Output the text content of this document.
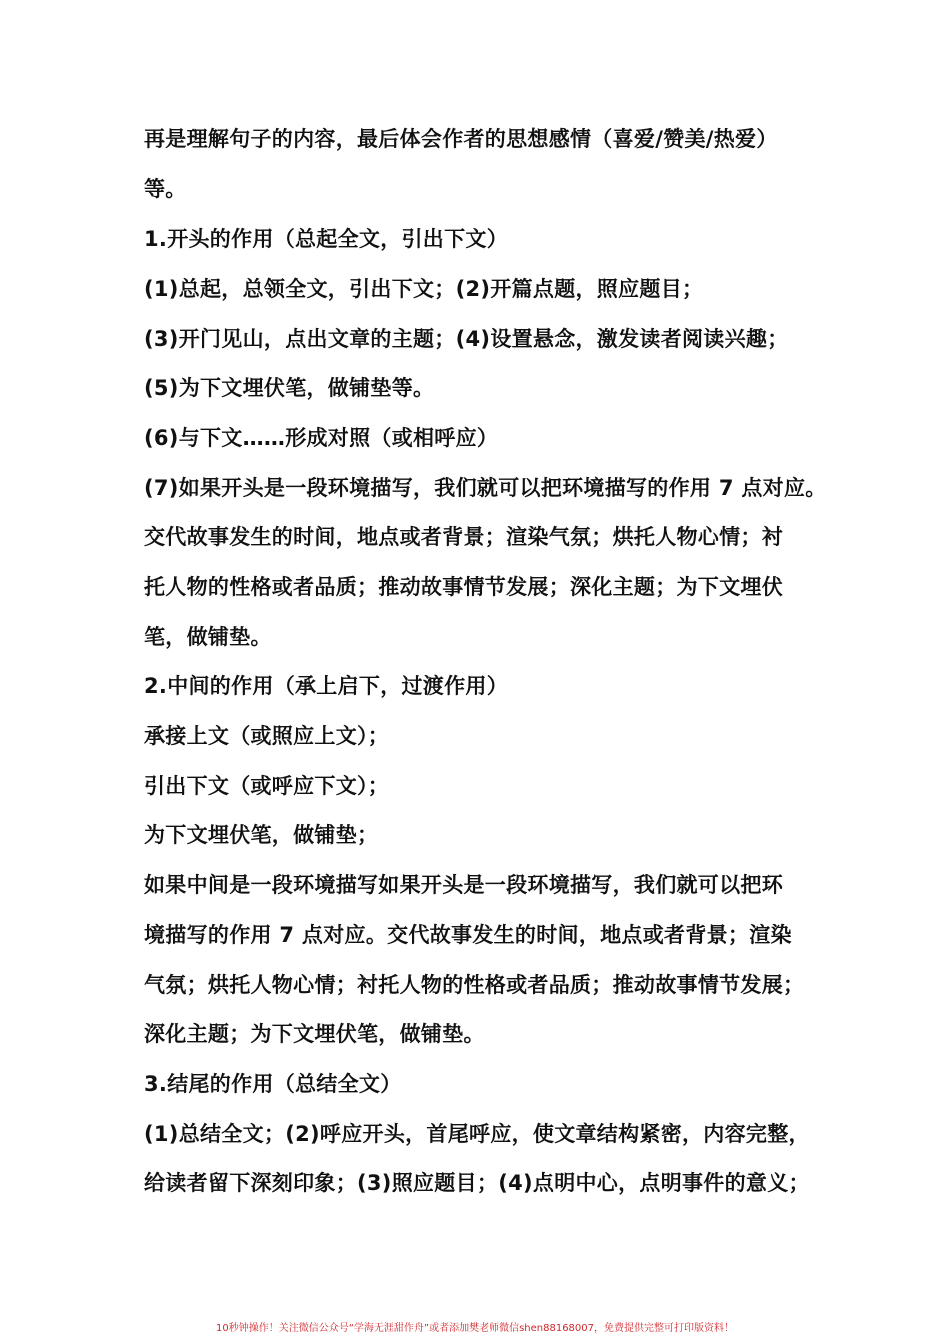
再是理解句子的内容，最后体会作者的思想感情（喜爱/赞美/热爱）
等。
1.开头的作用（总起全文，引出下文）
(1)总起，总领全文，引出下文；(2)开篇点题，照应题目；
(3)开门见山，点出文章的主题；(4)设置悬念，激发读者阅读兴趣；
(5)为下文埋伏笔，做铺垫等。
(6)与下文……形成对照（或相呼应）
(7)如果开头是一段环境描写，我们就可以把环境描写的作用 7 点对应。
交代故事发生的时间，地点或者背景；渲染气氛；烘托人物心情；衬
托人物的性格或者品质；推动故事情节发展；深化主题；为下文埋伏
笔，做铺垫。
2.中间的作用（承上启下，过渡作用）
承接上文（或照应上文）；
引出下文（或呼应下文）；
为下文埋伏笔，做铺垫；
如果中间是一段环境描写如果开头是一段环境描写，我们就可以把环
境描写的作用 7 点对应。交代故事发生的时间，地点或者背景；渲染
气氛；烘托人物心情；衬托人物的性格或者品质；推动故事情节发展；
深化主题；为下文埋伏笔，做铺垫。
3.结尾的作用（总结全文）
(1)总结全文；(2)呼应开头，首尾呼应，使文章结构紧密，内容完整，
给读者留下深刻印象；(3)照应题目；(4)点明中心，点明事件的意义；
10秒钟操作！关注微信公众号“学海无涯甜作舟”或者添加樊老师微信shen88168007，免费提供完整可打印版资料！
